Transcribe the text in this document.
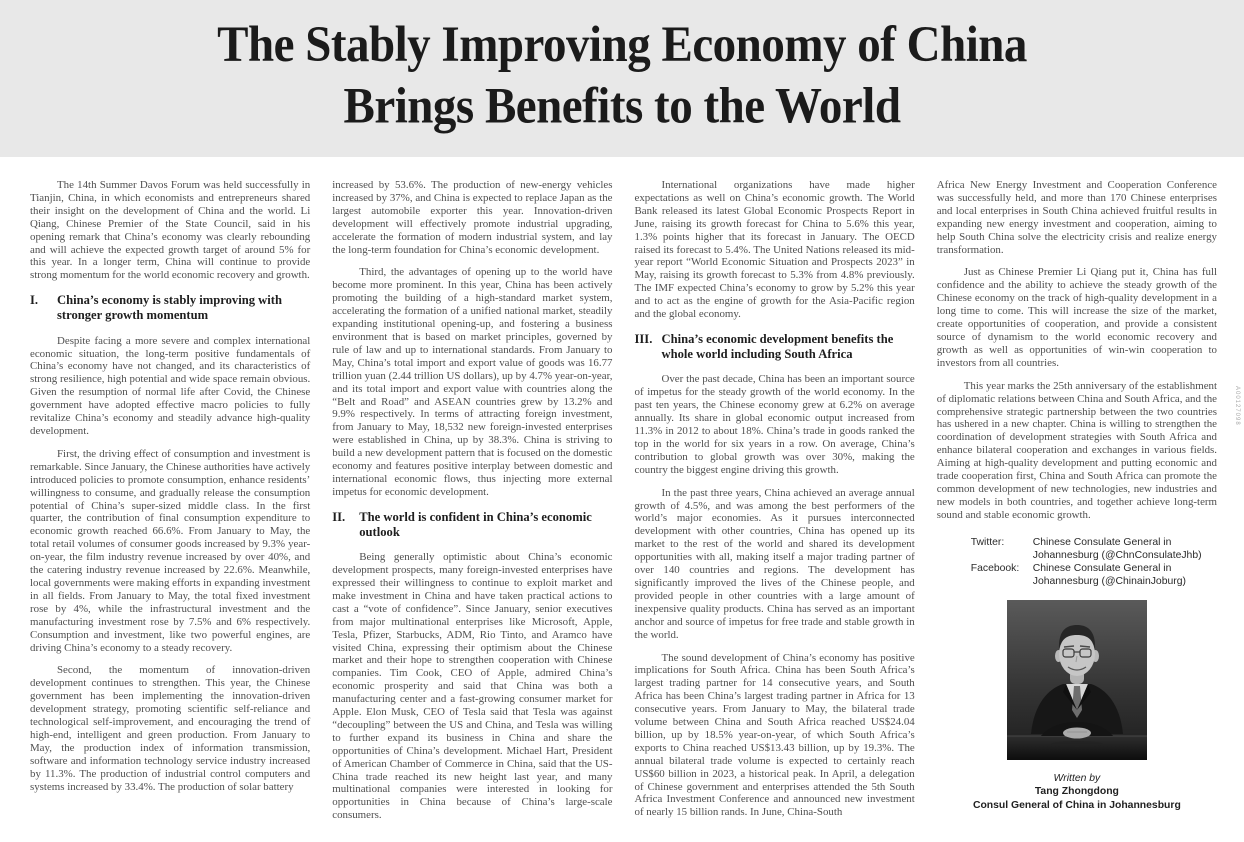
The Stably Improving Economy of China
Brings Benefits to the World
A00127098

The 14th Summer Davos Forum was held successfully in Tianjin, China, in which economists and entrepreneurs shared their insight on the development of China and the world. Li Qiang, Chinese Premier of the State Council, said in his opening remark that China’s economy was clearly rebounding and will achieve the expected growth target of around 5% for this year. In a longer term, China will continue to provide strong momentum for the world economic recovery and growth.

I. China’s economy is stably improving with stronger growth momentum

Despite facing a more severe and complex international economic situation, the long-term positive fundamentals of China’s economy have not changed, and its characteristics of strong resilience, high potential and wide space remain obvious. Given the resumption of normal life after Covid, the Chinese government have adopted effective macro policies to fully revitalize China’s economy and steadily advance high-quality development.

First, the driving effect of consumption and investment is remarkable. Since January, the Chinese authorities have actively introduced policies to promote consumption, enhance residents’ willingness to consume, and gradually release the consumption potential of China’s super-sized middle class. In the first quarter, the contribution of final consumption expenditure to economic growth reached 66.6%. From January to May, the total retail volumes of consumer goods increased by 9.3% year-on-year, the film industry revenue increased by over 40%, and the catering industry revenue increased by 22.6%. Meanwhile, local governments were making efforts in expanding investment in all fields. From January to May, the total fixed investment rose by 4%, while the infrastructural investment and the manufacturing investment rose by 7.5% and 6% respectively. Consumption and investment, like two powerful engines, are driving China’s economy to a steady recovery.

Second, the momentum of innovation-driven development continues to strengthen. This year, the Chinese government has been implementing the innovation-driven development strategy, promoting scientific self-reliance and technological self-improvement, and encouraging the trend of high-end, intelligent and green production. From January to May, the production index of information transmission, software and information technology service industry increased by 11.3%. The production of industrial control computers and systems increased by 33.4%. The production of solar battery

increased by 53.6%. The production of new-energy vehicles increased by 37%, and China is expected to replace Japan as the largest automobile exporter this year. Innovation-driven development will effectively promote industrial upgrading, accelerate the formation of modern industrial system, and lay the long-term foundation for China’s economic development.

Third, the advantages of opening up to the world have become more prominent. In this year, China has been actively promoting the building of a high-standard market system, accelerating the formation of a unified national market, steadily expanding institutional opening-up, and fostering a business environment that is based on market principles, governed by rule of law and up to international standards. From January to May, China’s total import and export value of goods was 16.77 trillion yuan (2.44 trillion US dollars), up by 4.7% year-on-year, and its total import and export value with countries along the “Belt and Road” and ASEAN countries grew by 13.2% and 9.9% respectively. In terms of attracting foreign investment, from January to May, 18,532 new foreign-invested enterprises were established in China, up by 38.3%. China is striving to build a new development pattern that is focused on the domestic economy and features positive interplay between domestic and international economic flows, thus injecting more external impetus for economic development.

II. The world is confident in China’s economic outlook

Being generally optimistic about China’s economic development prospects, many foreign-invested enterprises have expressed their willingness to continue to exploit market and make investment in China and have taken practical actions to cast a “vote of confidence”. Since January, senior executives from major multinational enterprises like Microsoft, Apple, Tesla, Pfizer, Starbucks, ADM, Rio Tinto, and Aramco have visited China, expressing their optimism about the Chinese market and their hope to strengthen cooperation with Chinese companies. Tim Cook, CEO of Apple, admired China’s economic prosperity and said that China was both a manufacturing center and a fast-growing consumer market for Apple. Elon Musk, CEO of Tesla said that Tesla was against “decoupling” between the US and China, and Tesla was willing to further expand its business in China and share the opportunities of China’s development. Michael Hart, President of American Chamber of Commerce in China, said that the US-China trade reached its new height last year, and many multinational companies were interested in looking for opportunities in China because of China’s large-scale consumers.

International organizations have made higher expectations as well on China’s economic growth. The World Bank released its latest Global Economic Prospects Report in June, raising its growth forecast for China to 5.6% this year, 1.3% points higher that its forecast in January. The OECD raised its forecast to 5.4%. The United Nations released its mid-year report “World Economic Situation and Prospects 2023” in May, raising its growth forecast to 5.3% from 4.8% previously. The IMF expected China’s economy to grow by 5.2% this year and to act as the engine of growth for the Asia-Pacific region and the global economy.

III. China’s economic development benefits the whole world including South Africa

Over the past decade, China has been an important source of impetus for the steady growth of the world economy. In the past ten years, the Chinese economy grew at 6.2% on average annually. Its share in global economic output increased from 11.3% in 2012 to about 18%. China’s trade in goods ranked the top in the world for six years in a row. On average, China’s contribution to global growth was over 30%, making the country the biggest engine driving this growth.

In the past three years, China achieved an average annual growth of 4.5%, and was among the best performers of the world’s major economies. As it pursues interconnected development with other countries, China has opened up its market to the rest of the world and shared its development opportunities with all, making itself a major trading partner of over 140 countries and regions. The development has significantly improved the lives of the Chinese people, and provided people in other countries with a large amount of inexpensive quality products. China has served as an important anchor and source of impetus for free trade and stable growth in the world.

The sound development of China’s economy has positive implications for South Africa. China has been South Africa’s largest trading partner for 14 consecutive years, and South Africa has been China’s largest trading partner in Africa for 13 consecutive years. From January to May, the bilateral trade volume between China and South Africa reached US$24.04 billion, up by 18.5% year-on-year, of which South Africa’s exports to China reached US$13.43 billion, up by 19.3%. The annual bilateral trade volume is expected to certainly reach US$60 billion in 2023, a historical peak. In April, a delegation of Chinese government and enterprises attended the 5th South Africa Investment Conference and announced new investment of nearly 15 billion rands. In June, China-South

Africa New Energy Investment and Cooperation Conference was successfully held, and more than 170 Chinese enterprises and local enterprises in South China achieved fruitful results in expanding new energy investment and cooperation, aiming to help South China solve the electricity crisis and realize energy transformation.

Just as Chinese Premier Li Qiang put it, China has full confidence and the ability to achieve the steady growth of the Chinese economy on the track of high-quality development in a long time to come. This will increase the size of the market, create opportunities of cooperation, and provide a consistent source of dynamism to the world economic recovery and growth as well as opportunities of win-win cooperation to investors from all countries.

This year marks the 25th anniversary of the establishment of diplomatic relations between China and South Africa, and the comprehensive strategic partnership between the two countries has ushered in a new chapter. China is willing to strengthen the coordination of development strategies with South Africa and enhance bilateral cooperation and exchanges in various fields. Aiming at high-quality development and putting economic and trade cooperation first, China and South Africa can promote the common development of new technologies, new industries and new models in both countries, and together achieve long-term sound and stable economic growth.

Twitter:	Chinese Consulate General in Johannesburg (@ChnConsulateJhb)
Facebook:	Chinese Consulate General in Johannesburg (@ChinainJoburg)
Written by
Tang Zhongdong
Consul General of China in Johannesburg
